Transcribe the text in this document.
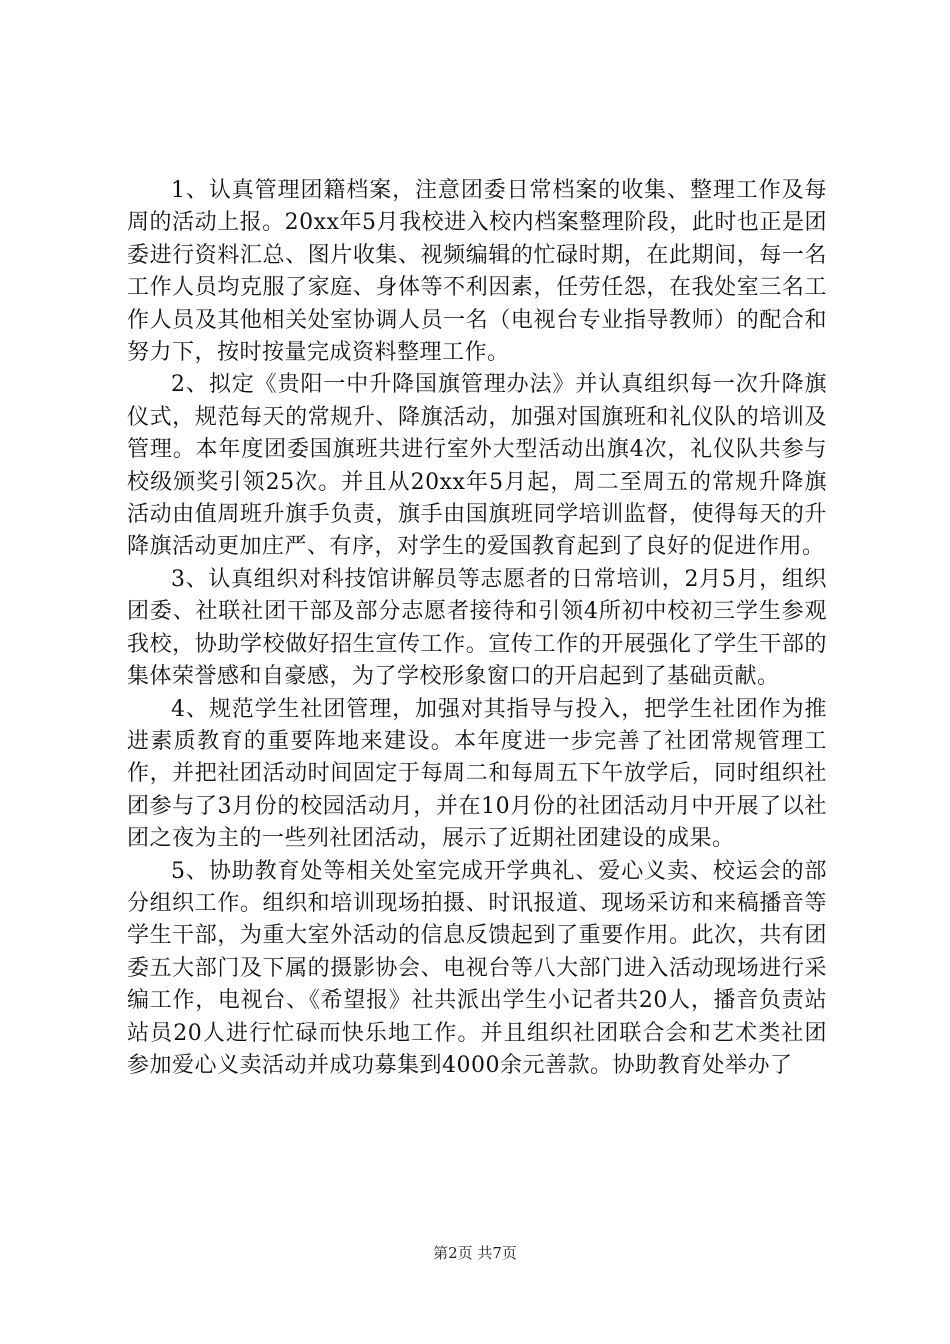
1、认真管理团籍档案，注意团委日常档案的收集、整理工作及每周的活动上报。20xx年5月我校进入校内档案整理阶段，此时也正是团委进行资料汇总、图片收集、视频编辑的忙碌时期，在此期间，每一名工作人员均克服了家庭、身体等不利因素，任劳任怨，在我处室三名工作人员及其他相关处室协调人员一名（电视台专业指导教师）的配合和努力下，按时按量完成资料整理工作。

2、拟定《贵阳一中升降国旗管理办法》并认真组织每一次升降旗仪式，规范每天的常规升、降旗活动，加强对国旗班和礼仪队的培训及管理。本年度团委国旗班共进行室外大型活动出旗4次，礼仪队共参与校级颁奖引领25次。并且从20xx年5月起，周二至周五的常规升降旗活动由值周班升旗手负责，旗手由国旗班同学培训监督，使得每天的升降旗活动更加庄严、有序，对学生的爱国教育起到了良好的促进作用。

3、认真组织对科技馆讲解员等志愿者的日常培训，2月5月，组织团委、社联社团干部及部分志愿者接待和引领4所初中校初三学生参观我校，协助学校做好招生宣传工作。宣传工作的开展强化了学生干部的集体荣誉感和自豪感，为了学校形象窗口的开启起到了基础贡献。

4、规范学生社团管理，加强对其指导与投入，把学生社团作为推进素质教育的重要阵地来建设。本年度进一步完善了社团常规管理工作，并把社团活动时间固定于每周二和每周五下午放学后，同时组织社团参与了3月份的校园活动月，并在10月份的社团活动月中开展了以社团之夜为主的一些列社团活动，展示了近期社团建设的成果。

5、协助教育处等相关处室完成开学典礼、爱心义卖、校运会的部分组织工作。组织和培训现场拍摄、时讯报道、现场采访和来稿播音等学生干部，为重大室外活动的信息反馈起到了重要作用。此次，共有团委五大部门及下属的摄影协会、电视台等八大部门进入活动现场进行采编工作，电视台、《希望报》社共派出学生小记者共20人，播音负责站站员20人进行忙碌而快乐地工作。并且组织社团联合会和艺术类社团参加爱心义卖活动并成功募集到4000余元善款。协助教育处举办了

第2页 共7页
